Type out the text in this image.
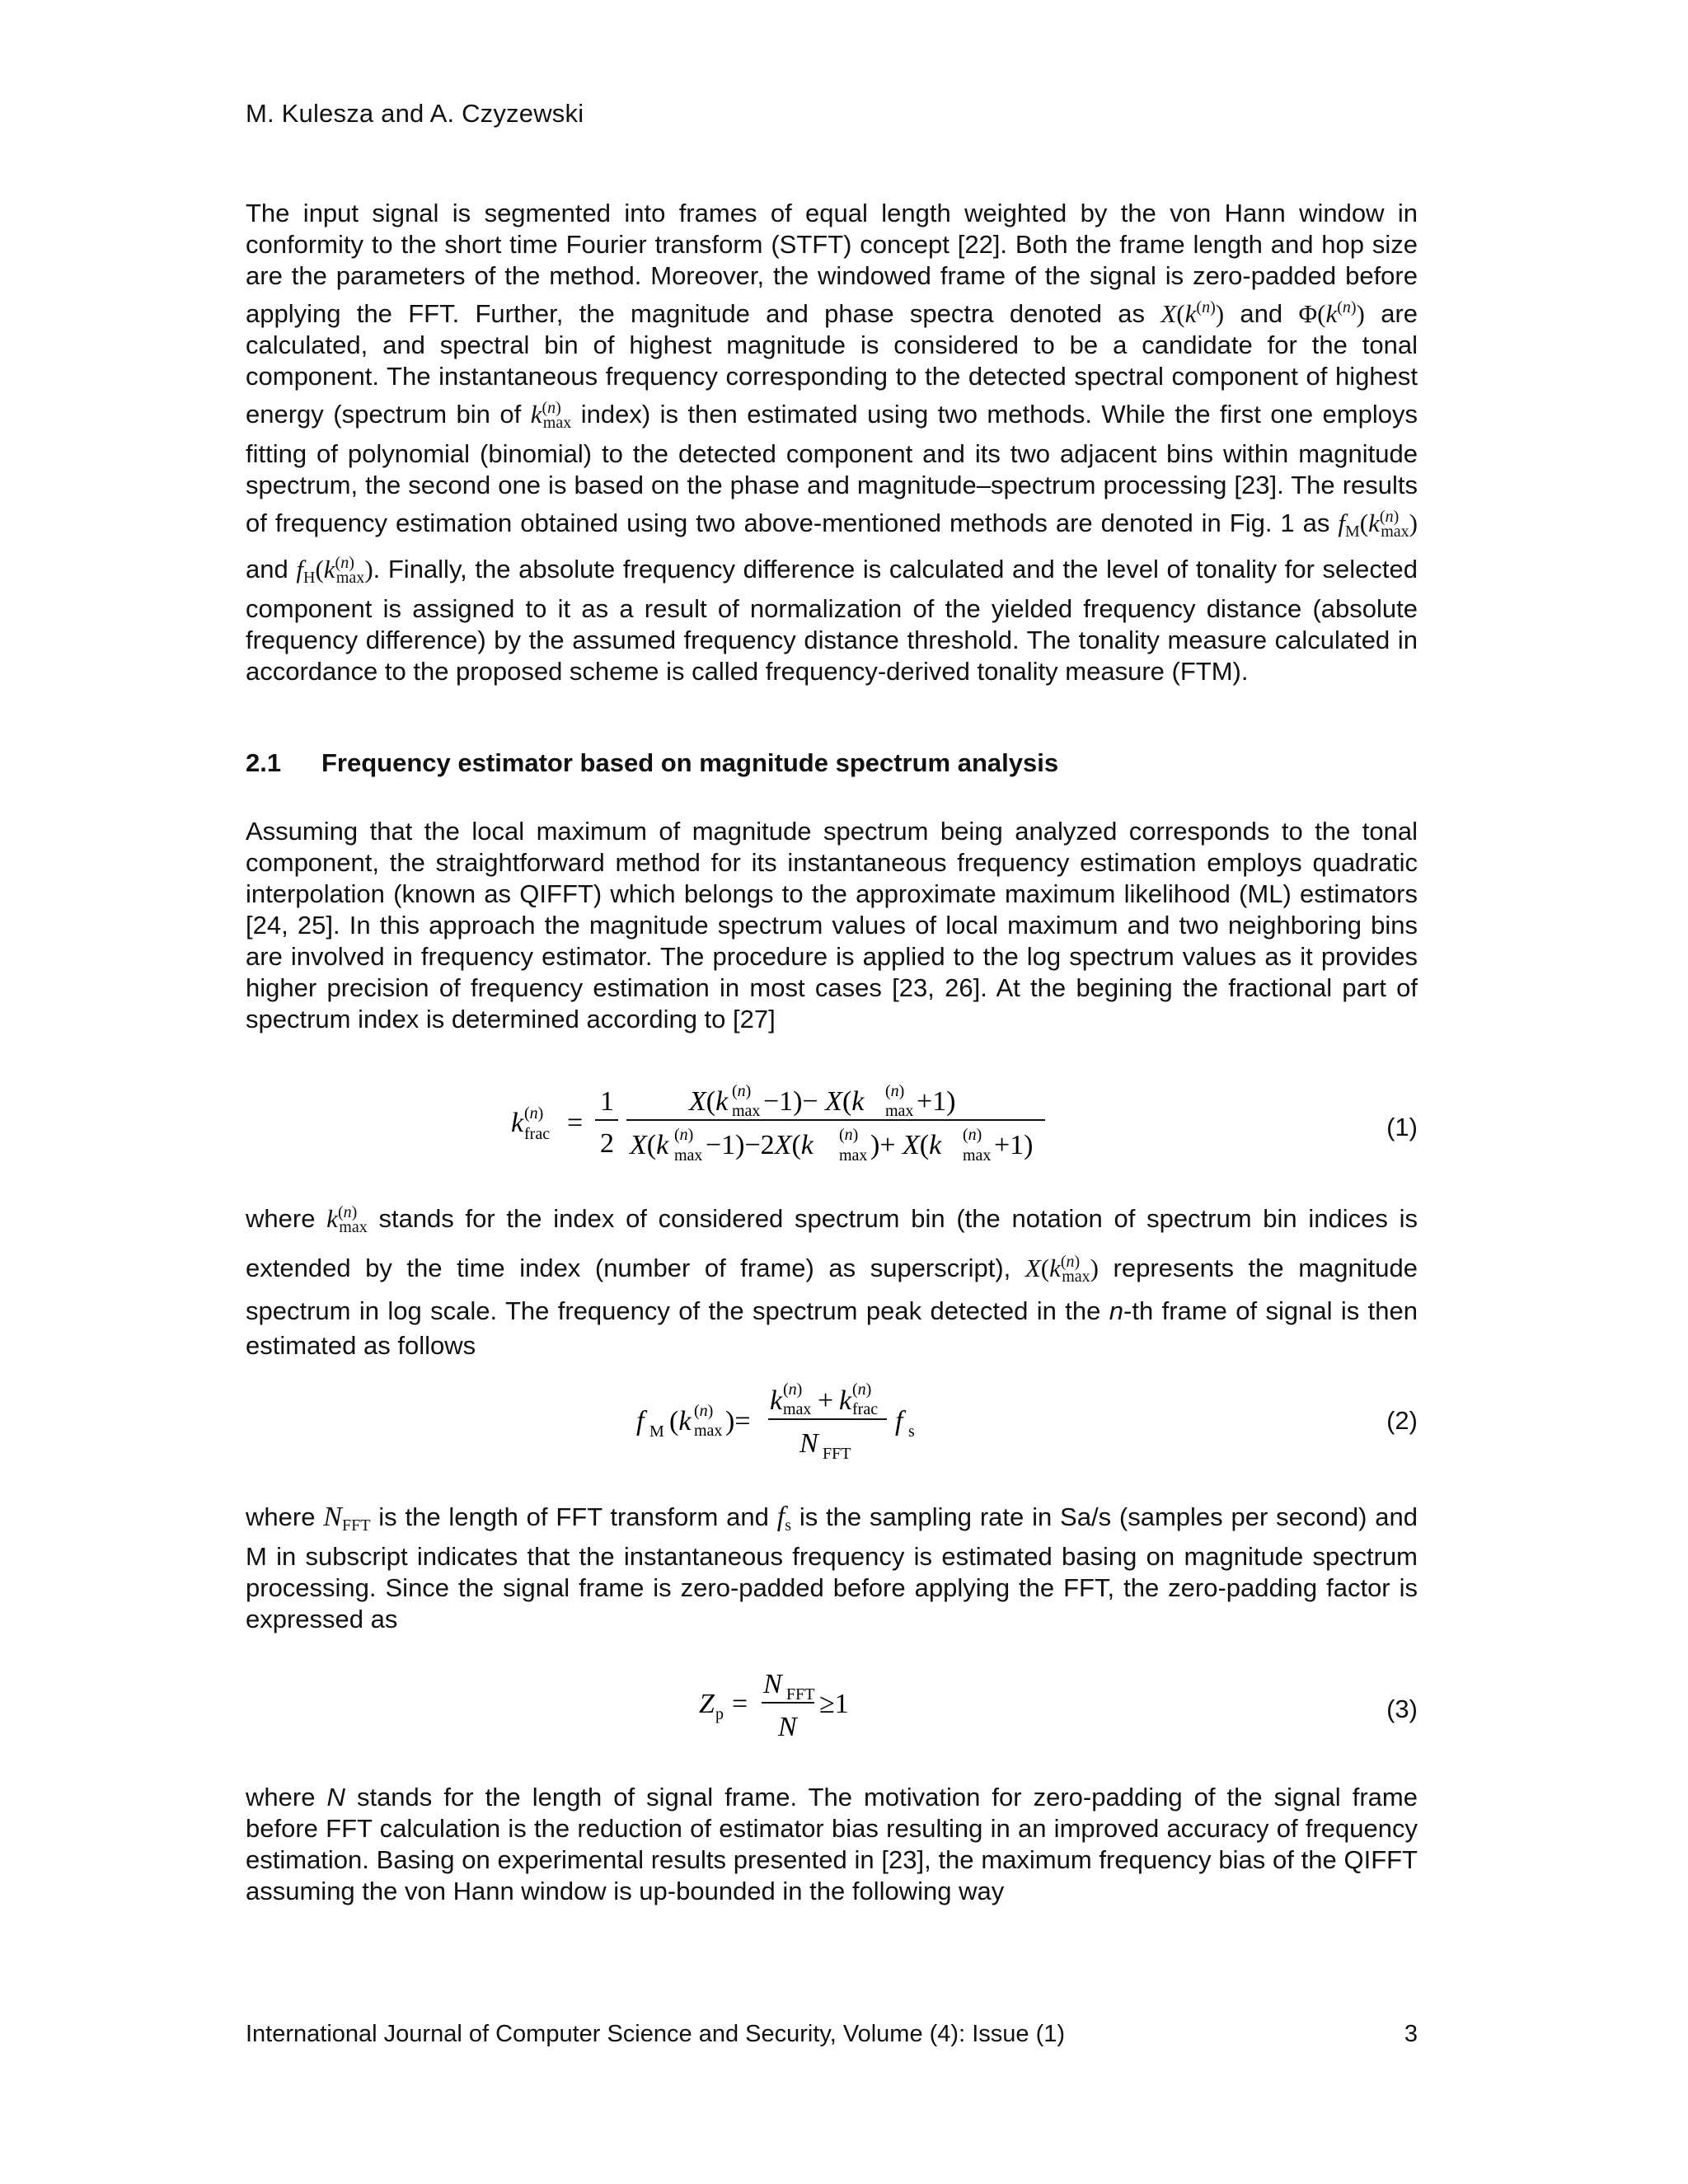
M. Kulesza and A. Czyzewski

The input signal is segmented into frames of equal length weighted by the von Hann window in conformity to the short time Fourier transform (STFT) concept [22]. Both the frame length and hop size are the parameters of the method. Moreover, the windowed frame of the signal is zero-padded before applying the FFT. Further, the magnitude and phase spectra denoted as $X(k^{(n)})$ and $\Phi(k^{(n)})$ are calculated, and spectral bin of highest magnitude is considered to be a candidate for the tonal component. The instantaneous frequency corresponding to the detected spectral component of highest energy (spectrum bin of $k^{(n)}_{max}$ index) is then estimated using two methods. While the first one employs fitting of polynomial (binomial) to the detected component and its two adjacent bins within magnitude spectrum, the second one is based on the phase and magnitude–spectrum processing [23]. The results of frequency estimation obtained using two above-mentioned methods are denoted in Fig. 1 as $f_M(k^{(n)}_{max})$ and $f_H(k^{(n)}_{max})$. Finally, the absolute frequency difference is calculated and the level of tonality for selected component is assigned to it as a result of normalization of the yielded frequency distance (absolute frequency difference) by the assumed frequency distance threshold. The tonality measure calculated in accordance to the proposed scheme is called frequency-derived tonality measure (FTM).

2.1 Frequency estimator based on magnitude spectrum analysis

Assuming that the local maximum of magnitude spectrum being analyzed corresponds to the tonal component, the straightforward method for its instantaneous frequency estimation employs quadratic interpolation (known as QIFFT) which belongs to the approximate maximum likelihood (ML) estimators [24, 25]. In this approach the magnitude spectrum values of local maximum and two neighboring bins are involved in frequency estimator. The procedure is applied to the log spectrum values as it provides higher precision of frequency estimation in most cases [23, 26]. At the begining the fractional part of spectrum index is determined according to [27]

k (n)
frac =
1
2
X(k (n)
max −1)− X(k (n)
max +1)
X(k (n)
max −1)−2X(k (n)
max )+ X(k (n)
max +1)
(1)

where $k^{(n)}_{max}$ stands for the index of considered spectrum bin (the notation of spectrum bin indices is extended by the time index (number of frame) as superscript), $X(k^{(n)}_{max})$ represents the magnitude spectrum in log scale. The frequency of the spectrum peak detected in the n-th frame of signal is then estimated as follows

f M (k (n)
max )=
k (n)
max + k (n)
frac
N FFT
f s	(2)

where $N_{FFT}$ is the length of FFT transform and $f_s$ is the sampling rate in Sa/s (samples per second) and M in subscript indicates that the instantaneous frequency is estimated basing on magnitude spectrum processing. Since the signal frame is zero-padded before applying the FFT, the zero-padding factor is expressed as

Z p =
N FFT
N
≥1	(3)

where N stands for the length of signal frame. The motivation for zero-padding of the signal frame before FFT calculation is the reduction of estimator bias resulting in an improved accuracy of frequency estimation. Basing on experimental results presented in [23], the maximum frequency bias of the QIFFT assuming the von Hann window is up-bounded in the following way

International Journal of Computer Science and Security, Volume (4): Issue (1)	3
